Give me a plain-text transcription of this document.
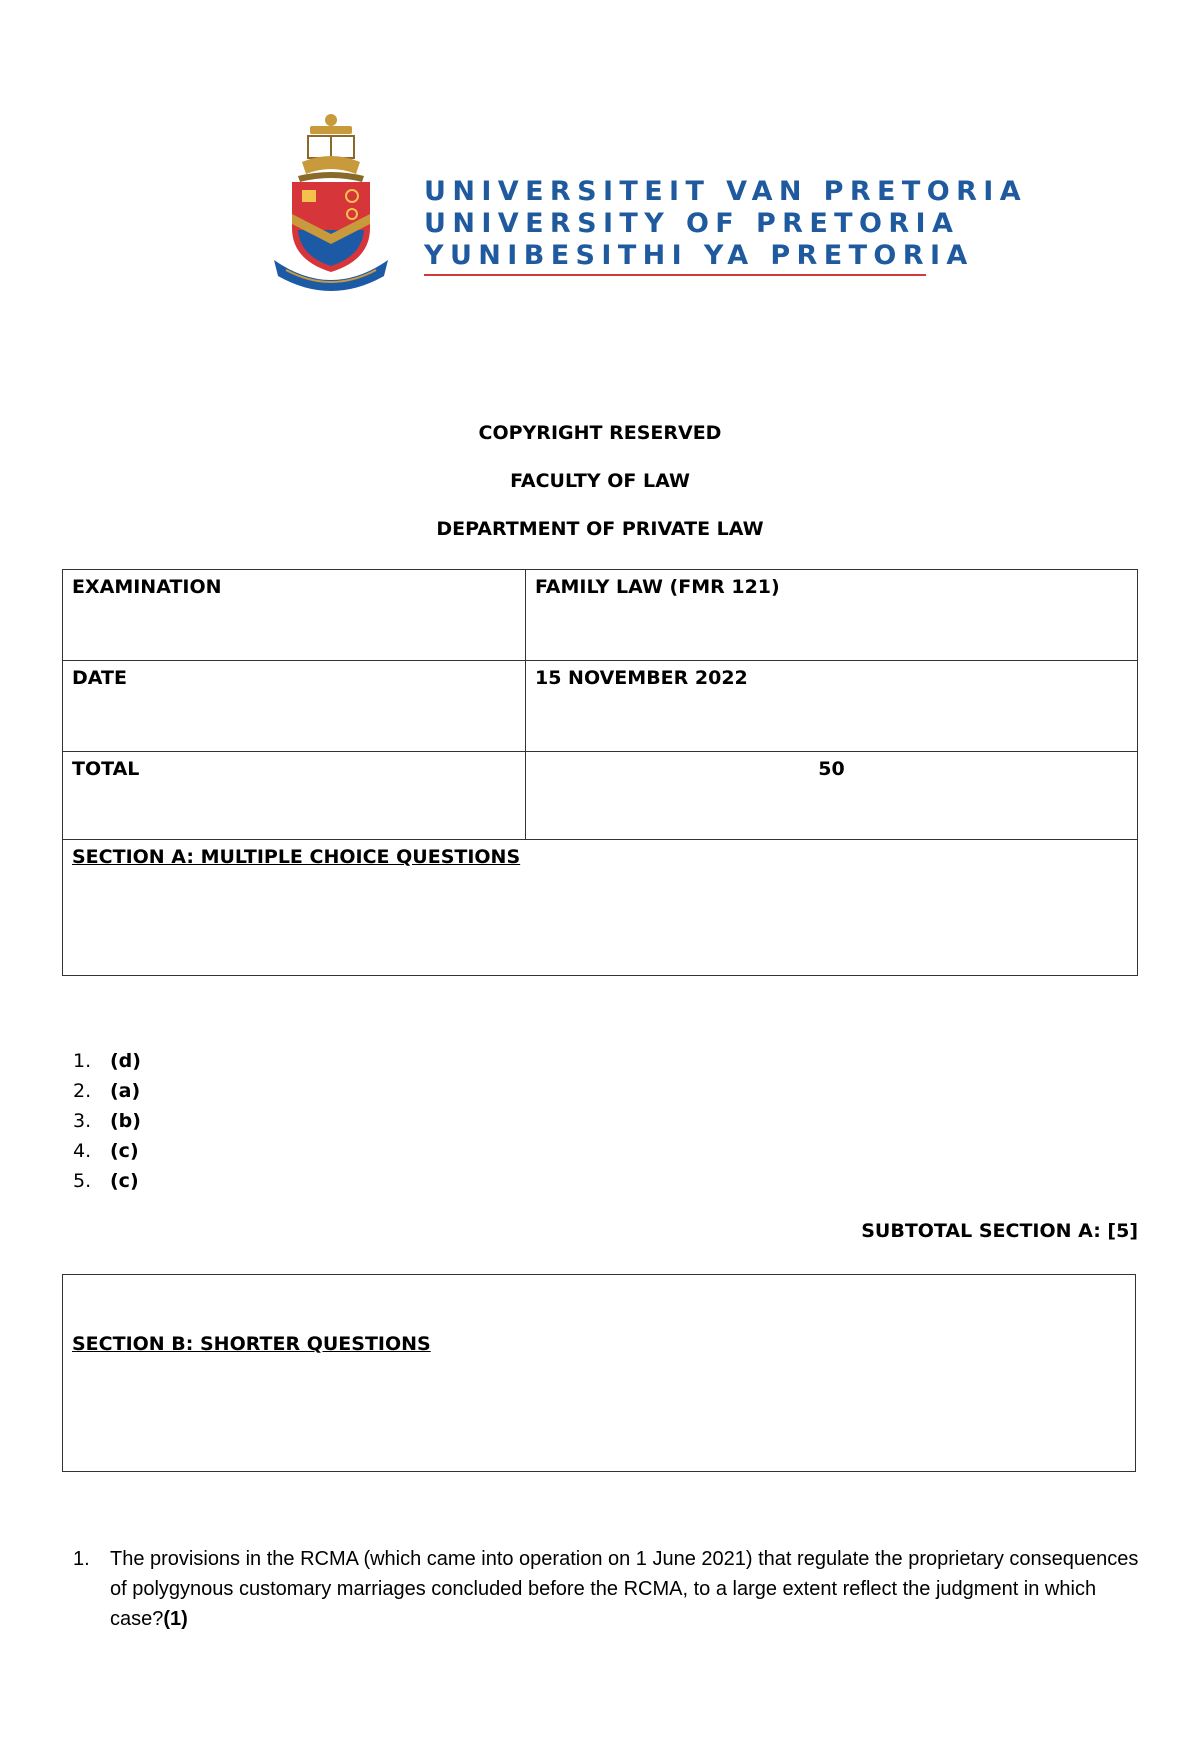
UNIVERSITEIT VAN PRETORIA
UNIVERSITY OF PRETORIA
YUNIBESITHI YA PRETORIA
COPYRIGHT RESERVED
FACULTY OF LAW
DEPARTMENT OF PRIVATE LAW
EXAMINATION	FAMILY LAW (FMR 121)
DATE	15 NOVEMBER 2022
TOTAL	50
SECTION A: MULTIPLE CHOICE QUESTIONS	
1. (d)
2. (a)
3. (b)
4. (c)
5. (c)
SUBTOTAL SECTION A: [5]
SECTION B: SHORTER QUESTIONS
1. The provisions in the RCMA (which came into operation on 1 June 2021) that regulate the proprietary consequences of polygynous customary marriages concluded before the RCMA, to a large extent reflect the judgment in which case?(1)
